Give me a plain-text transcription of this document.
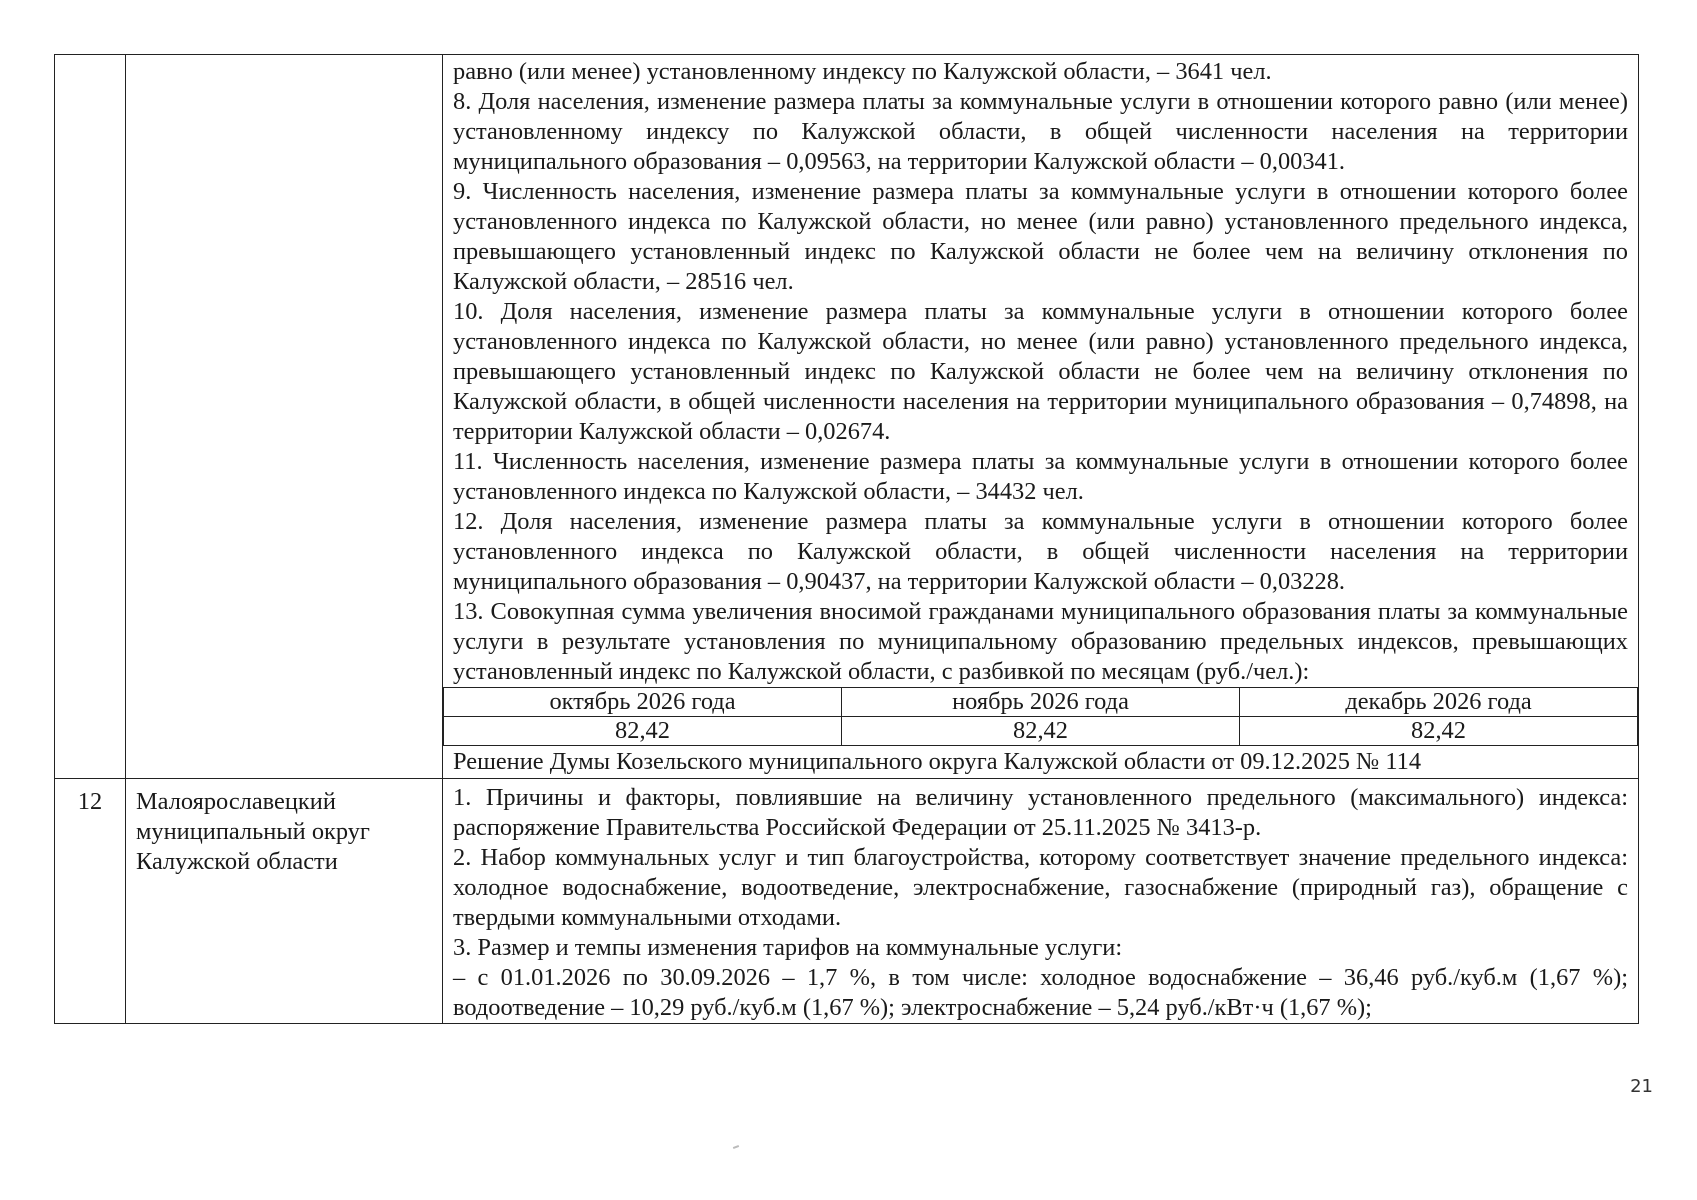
равно (или менее) установленному индексу по Калужской области, – 3641 чел.

8. Доля населения, изменение размера платы за коммунальные услуги в отношении которого равно (или менее) установленному индексу по Калужской области, в общей численности населения на территории муниципального образования – 0,09563, на территории Калужской области – 0,00341.

9. Численность населения, изменение размера платы за коммунальные услуги в отношении которого более установленного индекса по Калужской области, но менее (или равно) установленного предельного индекса, превышающего установленный индекс по Калужской области не более чем на величину отклонения по Калужской области, – 28516 чел.

10. Доля населения, изменение размера платы за коммунальные услуги в отношении которого более установленного индекса по Калужской области, но менее (или равно) установленного предельного индекса, превышающего установленный индекс по Калужской области не более чем на величину отклонения по Калужской области, в общей численности населения на территории муниципального образования – 0,74898, на территории Калужской области – 0,02674.

11. Численность населения, изменение размера платы за коммунальные услуги в отношении которого более установленного индекса по Калужской области, – 34432 чел.

12. Доля населения, изменение размера платы за коммунальные услуги в отношении которого более установленного индекса по Калужской области, в общей численности населения на территории муниципального образования – 0,90437, на территории Калужской области – 0,03228.

13. Совокупная сумма увеличения вносимой гражданами муниципального образования платы за коммунальные услуги в результате установления по муниципальному образованию предельных индексов, превышающих установленный индекс по Калужской области, с разбивкой по месяцам (руб./чел.):

октябрь 2026 года	ноябрь 2026 года	декабрь 2026 года
82,42	82,42	82,42
Решение Думы Козельского муниципального округа Калужской области от 09.12.2025 № 114

12	Малоярославецкий муниципальный округ Калужской области

1. Причины и факторы, повлиявшие на величину установленного предельного (максимального) индекса: распоряжение Правительства Российской Федерации от 25.11.2025 № 3413-р.

2. Набор коммунальных услуг и тип благоустройства, которому соответствует значение предельного индекса: холодное водоснабжение, водоотведение, электроснабжение, газоснабжение (природный газ), обращение с твердыми коммунальными отходами.

3. Размер и темпы изменения тарифов на коммунальные услуги:

– с 01.01.2026 по 30.09.2026 – 1,7 %, в том числе: холодное водоснабжение – 36,46 руб./куб.м (1,67 %); водоотведение – 10,29 руб./куб.м (1,67 %); электроснабжение – 5,24 руб./кВт·ч (1,67 %);

21
